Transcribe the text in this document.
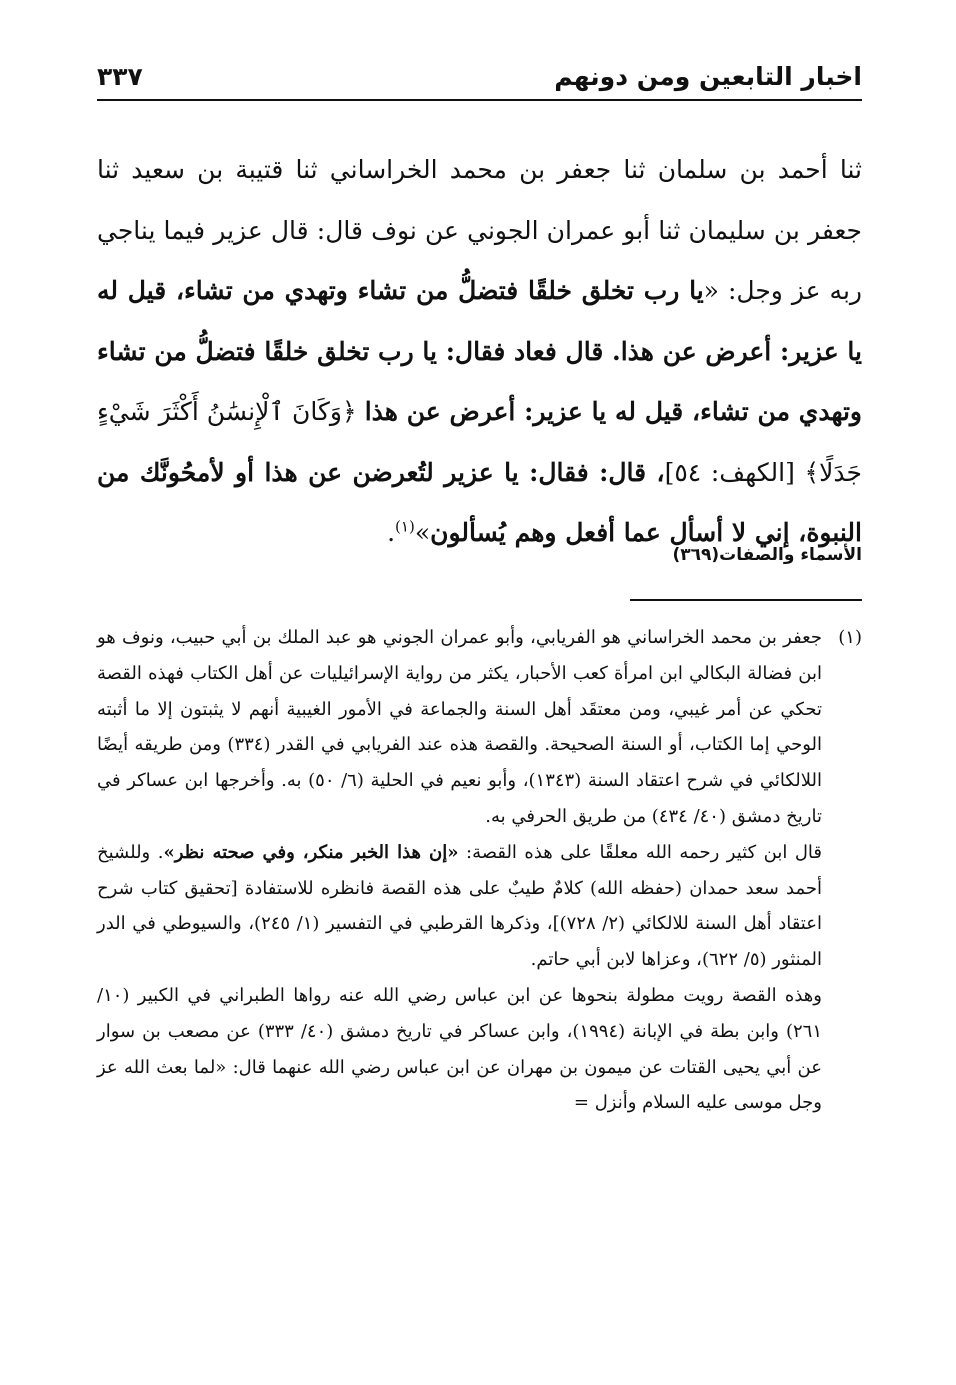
اخبار التابعين ومن دونهم
٣٣٧

ثنا أحمد بن سلمان ثنا جعفر بن محمد الخراساني ثنا قتيبة بن سعيد ثنا جعفر بن سليمان ثنا أبو عمران الجوني عن نوف قال: قال عزير فيما يناجي ربه عز وجل: «يا رب تخلق خلقًا فتضلُّ من تشاء وتهدي من تشاء، قيل له يا عزير: أعرض عن هذا. قال فعاد فقال: يا رب تخلق خلقًا فتضلُّ من تشاء وتهدي من تشاء، قيل له يا عزير: أعرض عن هذا ﴿وَكَانَ ٱلْإِنسَٰنُ أَكْثَرَ شَيْءٍ جَدَلًا﴾ [الكهف: ٥٤]، قال: فقال: يا عزير لتُعرضن عن هذا أو لأمحُونَّك من النبوة، إني لا أسأل عما أفعل وهم يُسألون»$^{(١)}$.

الأسماء والصفات(٣٦٩)
(١)

جعفر بن محمد الخراساني هو الفريابي، وأبو عمران الجوني هو عبد الملك بن أبي حبيب، ونوف هو ابن فضالة البكالي ابن امرأة كعب الأحبار، يكثر من رواية الإسرائيليات عن أهل الكتاب فهذه القصة تحكي عن أمر غيبي، ومن معتقَد أهل السنة والجماعة في الأمور الغيبية أنهم لا يثبتون إلا ما أثبته الوحي إما الكتاب، أو السنة الصحيحة. والقصة هذه عند الفريابي في القدر (٣٣٤) ومن طريقه أيضًا اللالكائي في شرح اعتقاد السنة (١٣٤٣)، وأبو نعيم في الحلية (٦/ ٥٠) به. وأخرجها ابن عساكر في تاريخ دمشق (٤٠/ ٤٣٤) من طريق الحرفي به.

قال ابن كثير رحمه الله معلقًا على هذه القصة: «إن هذا الخبر منكر، وفي صحته نظر». وللشيخ أحمد سعد حمدان (حفظه الله) كلامٌ طيبٌ على هذه القصة فانظره للاستفادة [تحقيق كتاب شرح اعتقاد أهل السنة للالكائي (٢/ ٧٢٨)]، وذكرها القرطبي في التفسير (١/ ٢٤٥)، والسيوطي في الدر المنثور (٥/ ٦٢٢)، وعزاها لابن أبي حاتم.

وهذه القصة رويت مطولة بنحوها عن ابن عباس رضي الله عنه رواها الطبراني في الكبير (١٠/ ٢٦١) وابن بطة في الإبانة (١٩٩٤)، وابن عساكر في تاريخ دمشق (٤٠/ ٣٣٣) عن مصعب بن سوار عن أبي يحيى القتات عن ميمون بن مهران عن ابن عباس رضي الله عنهما قال: «لما بعث الله عز وجل موسى عليه السلام وأنزل =
